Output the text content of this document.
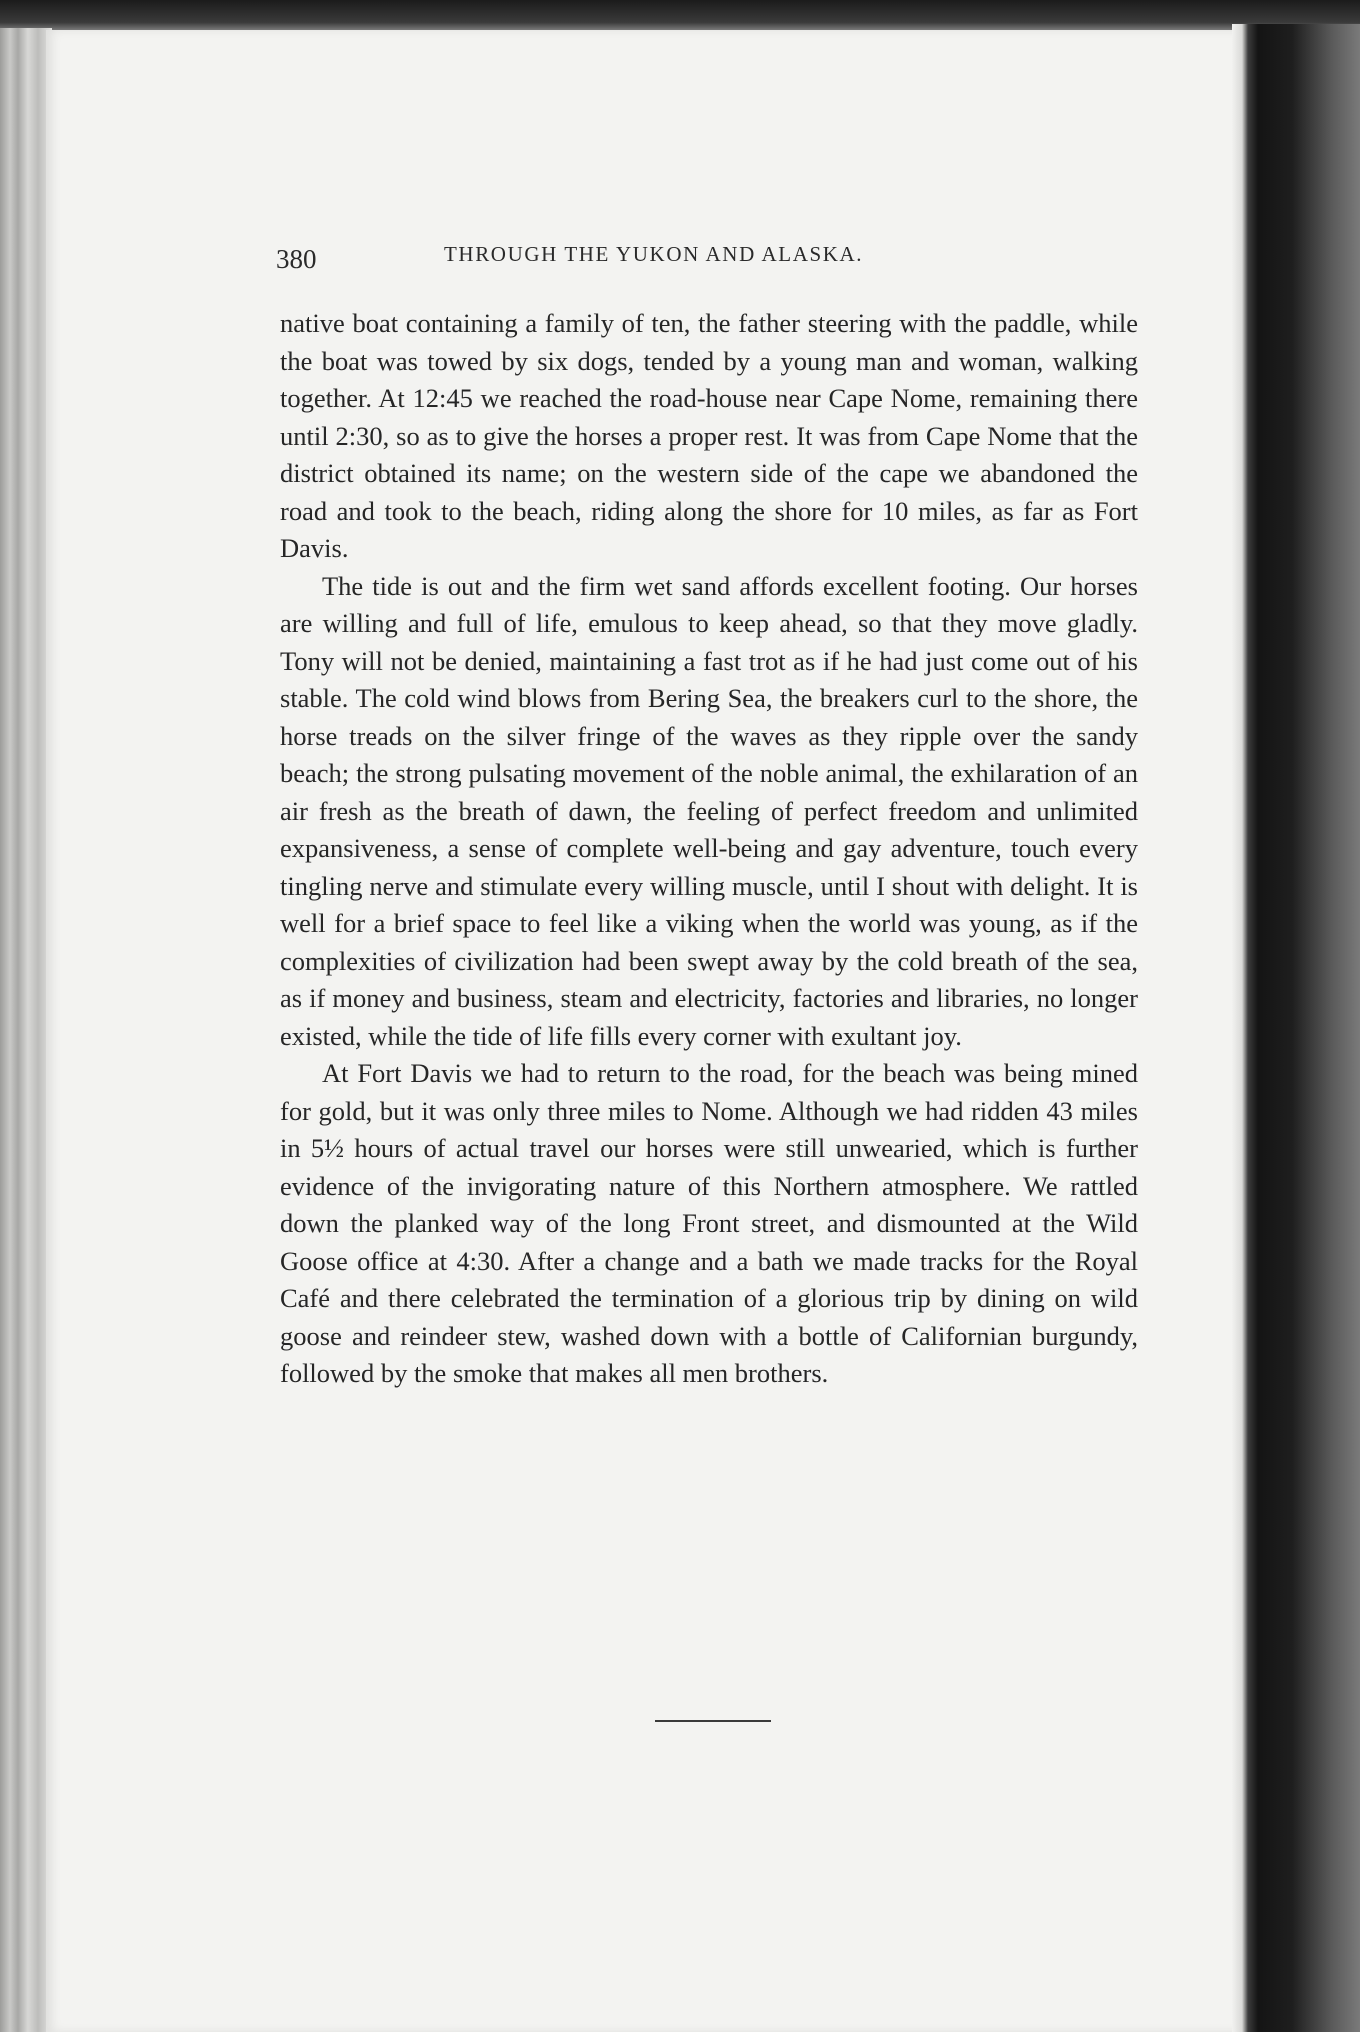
380	THROUGH THE YUKON AND ALASKA.

native boat containing a family of ten, the father steering with the paddle, while the boat was towed by six dogs, tended by a young man and woman, walking together. At 12:45 we reached the road-house near Cape Nome, remaining there until 2:30, so as to give the horses a proper rest. It was from Cape Nome that the district obtained its name; on the western side of the cape we abandoned the road and took to the beach, riding along the shore for 10 miles, as far as Fort Davis.

The tide is out and the firm wet sand affords excellent footing. Our horses are willing and full of life, emulous to keep ahead, so that they move gladly. Tony will not be denied, maintaining a fast trot as if he had just come out of his stable. The cold wind blows from Bering Sea, the breakers curl to the shore, the horse treads on the silver fringe of the waves as they ripple over the sandy beach; the strong pulsating movement of the noble animal, the exhilaration of an air fresh as the breath of dawn, the feeling of perfect freedom and unlimited expansiveness, a sense of complete well-being and gay adventure, touch every tingling nerve and stimulate every willing muscle, until I shout with delight. It is well for a brief space to feel like a viking when the world was young, as if the complexities of civilization had been swept away by the cold breath of the sea, as if money and business, steam and electricity, factories and libraries, no longer existed, while the tide of life fills every corner with exultant joy.

At Fort Davis we had to return to the road, for the beach was being mined for gold, but it was only three miles to Nome. Although we had ridden 43 miles in 5½ hours of actual travel our horses were still unwearied, which is further evidence of the invigorating nature of this Northern atmosphere. We rattled down the planked way of the long Front street, and dismounted at the Wild Goose office at 4:30. After a change and a bath we made tracks for the Royal Café and there celebrated the termination of a glorious trip by dining on wild goose and reindeer stew, washed down with a bottle of Californian burgundy, followed by the smoke that makes all men brothers.
